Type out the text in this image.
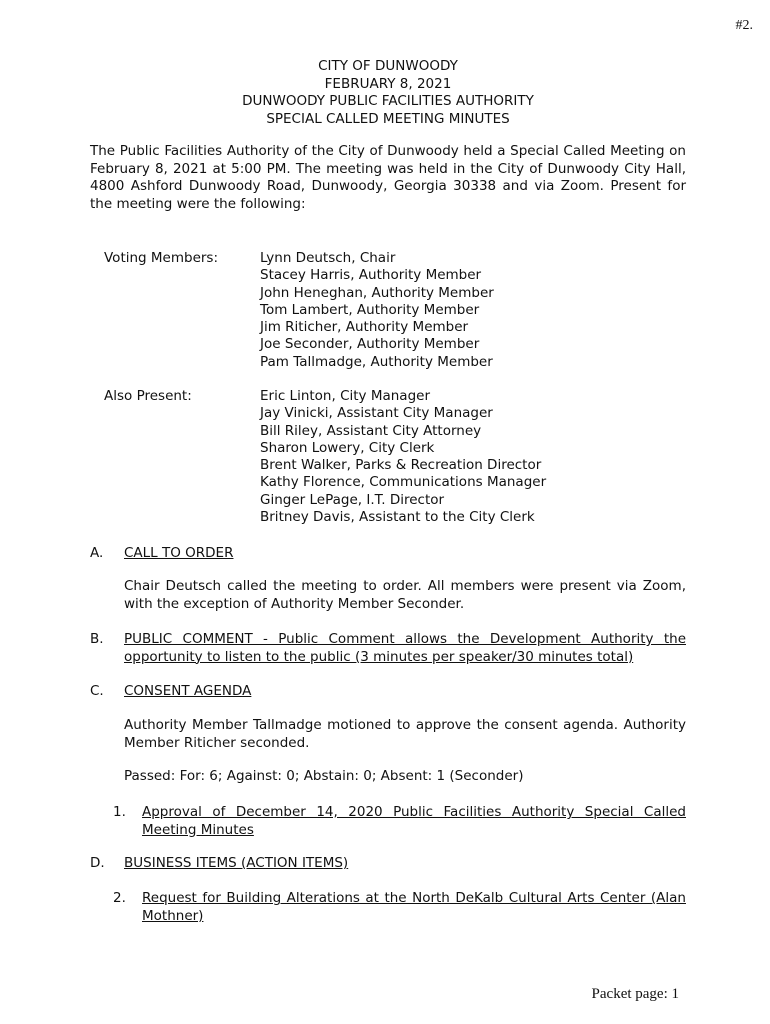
#2.
CITY OF DUNWOODY
FEBRUARY 8, 2021
DUNWOODY PUBLIC FACILITIES AUTHORITY
SPECIAL CALLED MEETING MINUTES
The Public Facilities Authority of the City of Dunwoody held a Special Called Meeting on February 8, 2021 at 5:00 PM. The meeting was held in the City of Dunwoody City Hall, 4800 Ashford Dunwoody Road, Dunwoody, Georgia 30338 and via Zoom. Present for the meeting were the following:
Voting Members:	Lynn Deutsch, Chair
Stacey Harris, Authority Member
John Heneghan, Authority Member
Tom Lambert, Authority Member
Jim Riticher, Authority Member
Joe Seconder, Authority Member
Pam Tallmadge, Authority Member
Also Present:	Eric Linton, City Manager
Jay Vinicki, Assistant City Manager
Bill Riley, Assistant City Attorney
Sharon Lowery, City Clerk
Brent Walker, Parks & Recreation Director
Kathy Florence, Communications Manager
Ginger LePage, I.T. Director
Britney Davis, Assistant to the City Clerk
A. CALL TO ORDER
Chair Deutsch called the meeting to order. All members were present via Zoom, with the exception of Authority Member Seconder.
B. PUBLIC COMMENT - Public Comment allows the Development Authority the opportunity to listen to the public (3 minutes per speaker/30 minutes total)
C. CONSENT AGENDA
Authority Member Tallmadge motioned to approve the consent agenda. Authority Member Riticher seconded.
Passed: For: 6; Against: 0; Abstain: 0; Absent: 1 (Seconder)
1. Approval of December 14, 2020 Public Facilities Authority Special Called Meeting Minutes
D. BUSINESS ITEMS (ACTION ITEMS)
2. Request for Building Alterations at the North DeKalb Cultural Arts Center (Alan Mothner)
Packet page: 1
